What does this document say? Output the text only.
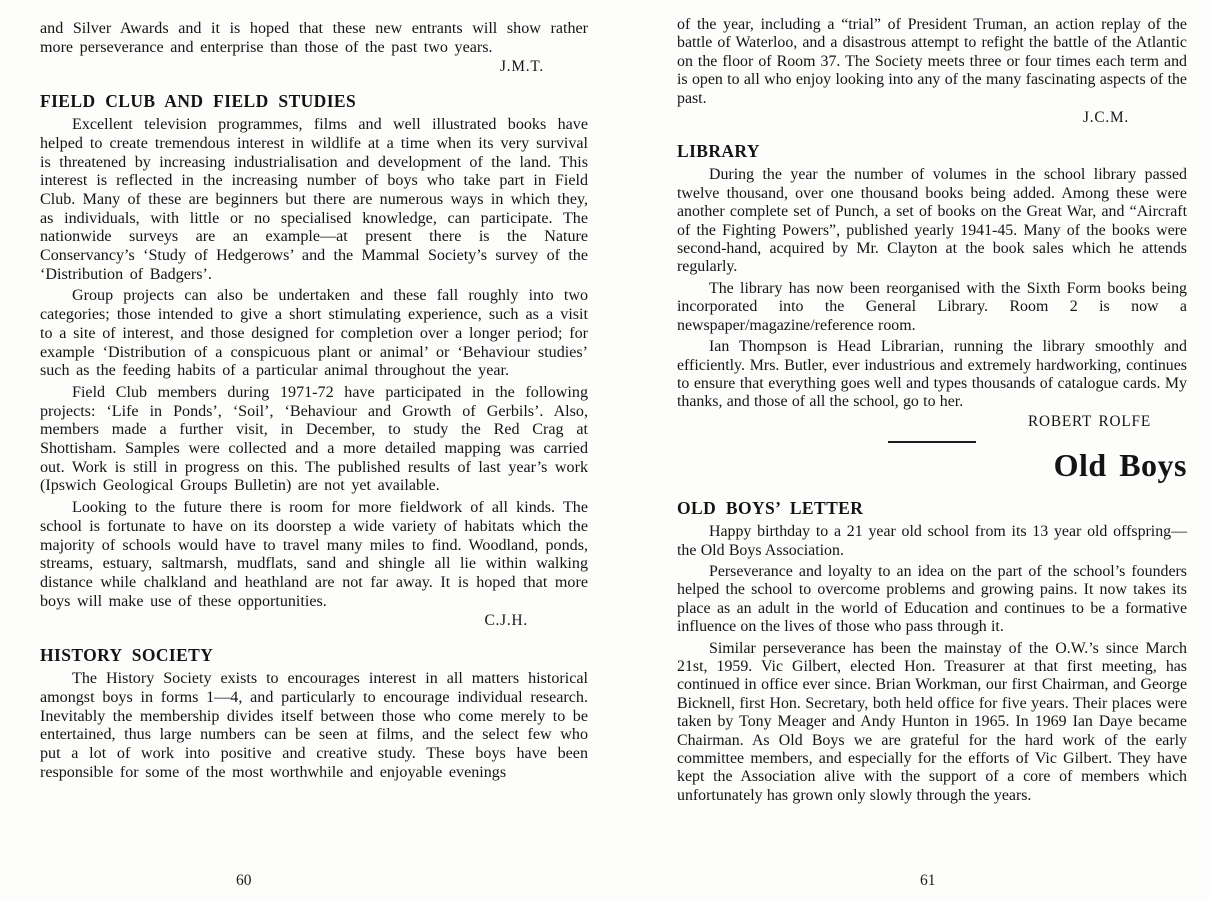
and Silver Awards and it is hoped that these new entrants will show rather more perseverance and enterprise than those of the past two years.

J.M.T.
FIELD CLUB AND FIELD STUDIES

Excellent television programmes, films and well illustrated books have helped to create tremendous interest in wildlife at a time when its very survival is threatened by increasing industrialisation and development of the land. This interest is reflected in the increasing number of boys who take part in Field Club. Many of these are beginners but there are numerous ways in which they, as individuals, with little or no specialised knowledge, can participate. The nationwide surveys are an example—at present there is the Nature Conservancy’s ‘Study of Hedgerows’ and the Mammal Society’s survey of the ‘Distribution of Badgers’.

Group projects can also be undertaken and these fall roughly into two categories; those intended to give a short stimulating experience, such as a visit to a site of interest, and those designed for completion over a longer period; for example ‘Distribution of a conspicuous plant or animal’ or ‘Behaviour studies’ such as the feeding habits of a particular animal throughout the year.

Field Club members during 1971-72 have participated in the following projects: ‘Life in Ponds’, ‘Soil’, ‘Behaviour and Growth of Gerbils’. Also, members made a further visit, in December, to study the Red Crag at Shottisham. Samples were collected and a more detailed mapping was carried out. Work is still in progress on this. The published results of last year’s work (Ipswich Geological Groups Bulletin) are not yet available.

Looking to the future there is room for more fieldwork of all kinds. The school is fortunate to have on its doorstep a wide variety of habitats which the majority of schools would have to travel many miles to find. Woodland, ponds, streams, estuary, saltmarsh, mudflats, sand and shingle all lie within walking distance while chalkland and heathland are not far away. It is hoped that more boys will make use of these opportunities.

C.J.H.
HISTORY SOCIETY

The History Society exists to encourages interest in all matters historical amongst boys in forms 1—4, and particularly to encourage individual research. Inevitably the membership divides itself between those who come merely to be entertained, thus large numbers can be seen at films, and the select few who put a lot of work into positive and creative study. These boys have been responsible for some of the most worthwhile and enjoyable evenings

of the year, including a “trial” of President Truman, an action replay of the battle of Waterloo, and a disastrous attempt to refight the battle of the Atlantic on the floor of Room 37. The Society meets three or four times each term and is open to all who enjoy looking into any of the many fascinating aspects of the past.

J.C.M.
LIBRARY

During the year the number of volumes in the school library passed twelve thousand, over one thousand books being added. Among these were another complete set of Punch, a set of books on the Great War, and “Aircraft of the Fighting Powers”, published yearly 1941-45. Many of the books were second-hand, acquired by Mr. Clayton at the book sales which he attends regularly.

The library has now been reorganised with the Sixth Form books being incorporated into the General Library. Room 2 is now a newspaper/magazine/reference room.

Ian Thompson is Head Librarian, running the library smoothly and efficiently. Mrs. Butler, ever industrious and extremely hardworking, continues to ensure that everything goes well and types thousands of catalogue cards. My thanks, and those of all the school, go to her.

ROBERT ROLFE
Old Boys
OLD BOYS’ LETTER

Happy birthday to a 21 year old school from its 13 year old offspring—the Old Boys Association.

Perseverance and loyalty to an idea on the part of the school’s founders helped the school to overcome problems and growing pains. It now takes its place as an adult in the world of Education and continues to be a formative influence on the lives of those who pass through it.

Similar perseverance has been the mainstay of the O.W.’s since March 21st, 1959. Vic Gilbert, elected Hon. Treasurer at that first meeting, has continued in office ever since. Brian Workman, our first Chairman, and George Bicknell, first Hon. Secretary, both held office for five years. Their places were taken by Tony Meager and Andy Hunton in 1965. In 1969 Ian Daye became Chairman. As Old Boys we are grateful for the hard work of the early committee members, and especially for the efforts of Vic Gilbert. They have kept the Association alive with the support of a core of members which unfortunately has grown only slowly through the years.

60	61
